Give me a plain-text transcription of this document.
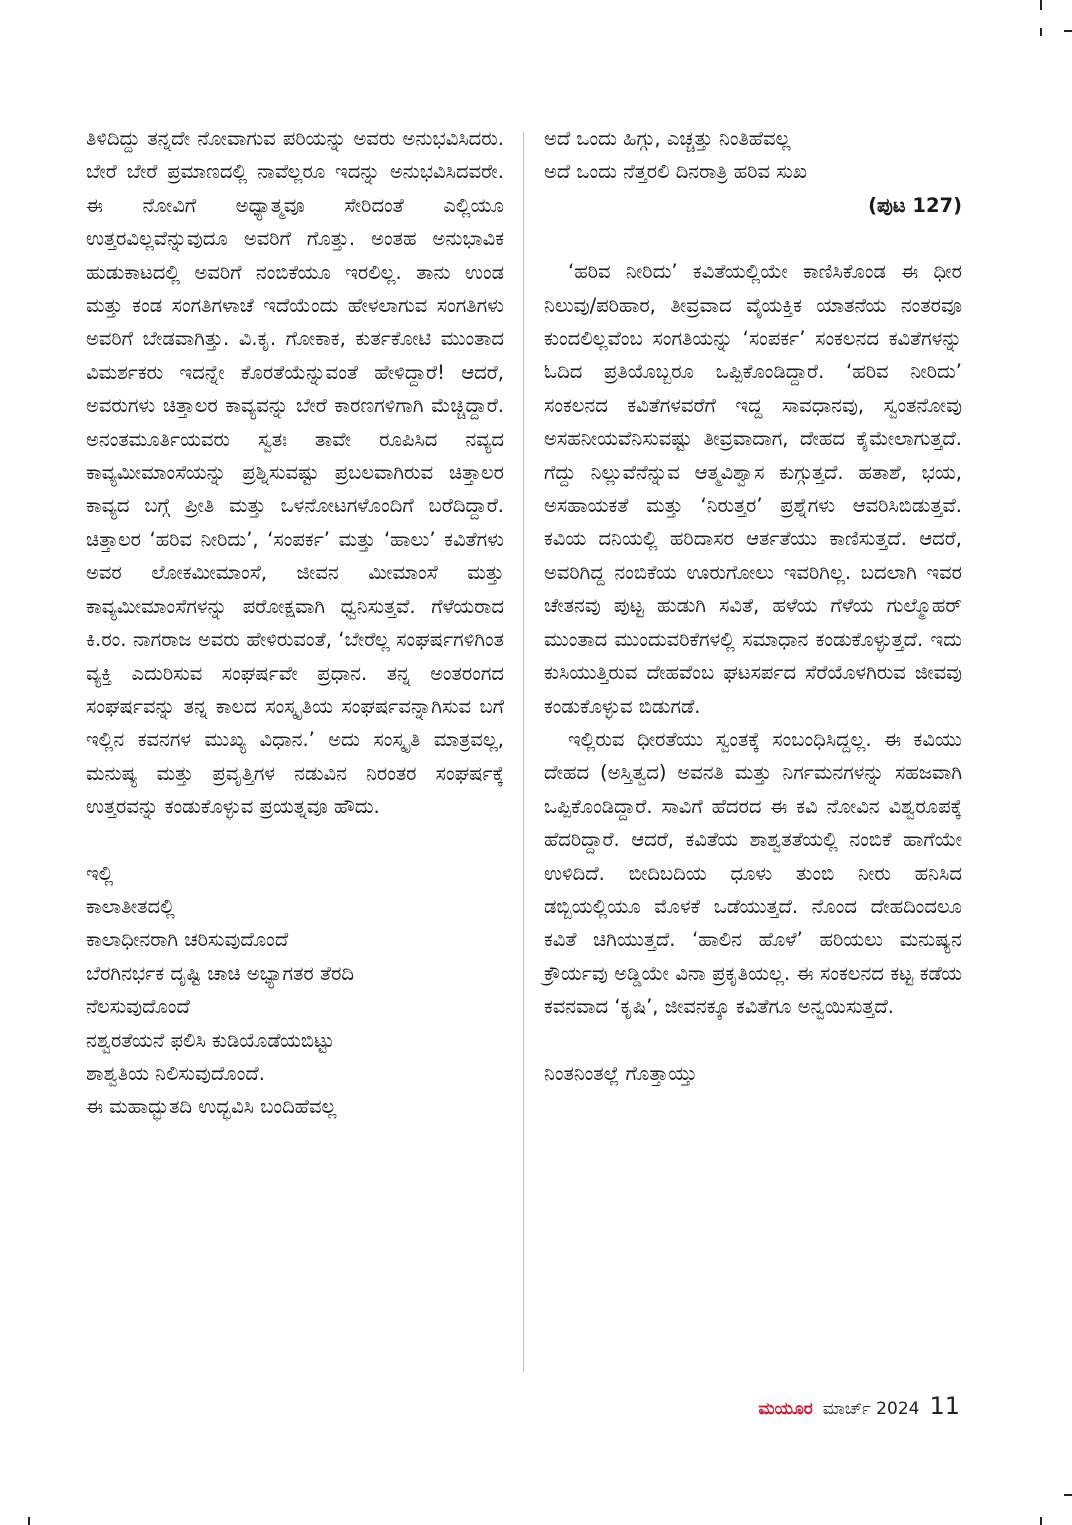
ತಿಳಿದಿದ್ದು ತನ್ನದೇ ನೋವಾಗುವ ಪರಿಯನ್ನು ಅವರು ಅನುಭವಿಸಿದರು. ಬೇರೆ ಬೇರೆ ಪ್ರಮಾಣದಲ್ಲಿ ನಾವೆಲ್ಲರೂ ಇದನ್ನು ಅನುಭವಿಸಿದವರೇ. ಈ ನೋವಿಗೆ ಅಧ್ಯಾತ್ಮವೂ ಸೇರಿದಂತೆ ಎಲ್ಲಿಯೂ ಉತ್ತರವಿಲ್ಲವೆನ್ನುವುದೂ ಅವರಿಗೆ ಗೊತ್ತು. ಅಂತಹ ಅನುಭಾವಿಕ ಹುಡುಕಾಟದಲ್ಲಿ ಅವರಿಗೆ ನಂಬಿಕೆಯೂ ಇರಲಿಲ್ಲ. ತಾನು ಉಂಡ ಮತ್ತು ಕಂಡ ಸಂಗತಿಗಳಾಚೆ ಇದೆಯೆಂದು ಹೇಳಲಾಗುವ ಸಂಗತಿಗಳು ಅವರಿಗೆ ಬೇಡವಾಗಿತ್ತು. ವಿ.ಕೃ. ಗೋಕಾಕ, ಕುರ್ತಕೋಟಿ ಮುಂತಾದ ವಿಮರ್ಶಕರು ಇದನ್ನೇ ಕೊರತೆಯೆನ್ನುವಂತೆ ಹೇಳಿದ್ದಾರೆ! ಆದರೆ, ಅವರುಗಳು ಚಿತ್ತಾಲರ ಕಾವ್ಯವನ್ನು ಬೇರೆ ಕಾರಣಗಳಿಗಾಗಿ ಮೆಚ್ಚಿದ್ದಾರೆ. ಅನಂತಮೂರ್ತಿಯವರು ಸ್ವತಃ ತಾವೇ ರೂಪಿಸಿದ ನವ್ಯದ ಕಾವ್ಯಮೀಮಾಂಸೆಯನ್ನು ಪ್ರಶ್ನಿಸುವಷ್ಟು ಪ್ರಬಲವಾಗಿರುವ ಚಿತ್ತಾಲರ ಕಾವ್ಯದ ಬಗ್ಗೆ ಪ್ರೀತಿ ಮತ್ತು ಒಳನೋಟಗಳೊಂದಿಗೆ ಬರೆದಿದ್ದಾರೆ. ಚಿತ್ತಾಲರ ‘ಹರಿವ ನೀರಿದು’, ‘ಸಂಪರ್ಕ’ ಮತ್ತು ‘ಹಾಲು’ ಕವಿತೆಗಳು ಅವರ ಲೋಕಮೀಮಾಂಸೆ, ಜೀವನ ಮೀಮಾಂಸೆ ಮತ್ತು ಕಾವ್ಯಮೀಮಾಂಸೆಗಳನ್ನು ಪರೋಕ್ಷವಾಗಿ ಧ್ವನಿಸುತ್ತವೆ. ಗೆಳೆಯರಾದ ಕಿ.ರಂ. ನಾಗರಾಜ ಅವರು ಹೇಳಿರುವಂತೆ, ‘ಬೇರೆಲ್ಲ ಸಂಘರ್ಷಗಳಿಗಿಂತ ವ್ಯಕ್ತಿ ಎದುರಿಸುವ ಸಂಘರ್ಷವೇ ಪ್ರಧಾನ. ತನ್ನ ಅಂತರಂಗದ ಸಂಘರ್ಷವನ್ನು ತನ್ನ ಕಾಲದ ಸಂಸ್ಕೃತಿಯ ಸಂಘರ್ಷವನ್ನಾಗಿಸುವ ಬಗೆ ಇಲ್ಲಿನ ಕವನಗಳ ಮುಖ್ಯ ವಿಧಾನ.’ ಅದು ಸಂಸ್ಕೃತಿ ಮಾತ್ರವಲ್ಲ, ಮನುಷ್ಯ ಮತ್ತು ಪ್ರವೃತ್ತಿಗಳ ನಡುವಿನ ನಿರಂತರ ಸಂಘರ್ಷಕ್ಕೆ ಉತ್ತರವನ್ನು ಕಂಡುಕೊಳ್ಳುವ ಪ್ರಯತ್ನವೂ ಹೌದು.

ಇಲ್ಲಿ
ಕಾಲಾತೀತದಲ್ಲಿ
ಕಾಲಾಧೀನರಾಗಿ ಚರಿಸುವುದೊಂದೆ
ಬೆರಗಿನರ್ಭಕ ದೃಷ್ಟಿ ಚಾಚಿ ಅಭ್ಯಾಗತರ ತೆರದಿ
ನೆಲಸುವುದೊಂದೆ
ನಶ್ವರತೆಯನೆ ಫಲಿಸಿ ಕುಡಿಯೊಡೆಯಬಿಟ್ಟು
ಶಾಶ್ವತಿಯ ನಿಲಿಸುವುದೊಂದೆ.
ಈ ಮಹಾದ್ಭುತದಿ ಉದ್ಭವಿಸಿ ಬಂದಿಹೆವಲ್ಲ
ಅದೆ ಒಂದು ಹಿಗ್ಗು, ಎಚ್ಚತ್ತು ನಿಂತಿಹೆವಲ್ಲ
ಅದೆ ಒಂದು ನೆತ್ತರಲಿ ದಿನರಾತ್ರಿ ಹರಿವ ಸುಖ
(ಪುಟ 127)

‘ಹರಿವ ನೀರಿದು’ ಕವಿತೆಯಲ್ಲಿಯೇ ಕಾಣಿಸಿಕೊಂಡ ಈ ಧೀರ ನಿಲುವು/ಪರಿಹಾರ, ತೀವ್ರವಾದ ವೈಯಕ್ತಿಕ ಯಾತನೆಯ ನಂತರವೂ ಕುಂದಲಿಲ್ಲವೆಂಬ ಸಂಗತಿಯನ್ನು ‘ಸಂಪರ್ಕ’ ಸಂಕಲನದ ಕವಿತೆಗಳನ್ನು ಓದಿದ ಪ್ರತಿಯೊಬ್ಬರೂ ಒಪ್ಪಿಕೊಂಡಿದ್ದಾರೆ. ‘ಹರಿವ ನೀರಿದು’ ಸಂಕಲನದ ಕವಿತೆಗಳವರೆಗೆ ಇದ್ದ ಸಾವಧಾನವು, ಸ್ವಂತನೋವು ಅಸಹನೀಯವೆನಿಸುವಷ್ಟು ತೀವ್ರವಾದಾಗ, ದೇಹದ ಕೈಮೇಲಾಗುತ್ತದೆ. ಗೆದ್ದು ನಿಲ್ಲುವೆನೆನ್ನುವ ಆತ್ಮವಿಶ್ವಾಸ ಕುಗ್ಗುತ್ತದೆ. ಹತಾಶೆ, ಭಯ, ಅಸಹಾಯಕತೆ ಮತ್ತು ‘ನಿರುತ್ತರ’ ಪ್ರಶ್ನೆಗಳು ಆವರಿಸಿಬಿಡುತ್ತವೆ. ಕವಿಯ ದನಿಯಲ್ಲಿ ಹರಿದಾಸರ ಆರ್ತತೆಯು ಕಾಣಿಸುತ್ತದೆ. ಆದರೆ, ಅವರಿಗಿದ್ದ ನಂಬಿಕೆಯ ಊರುಗೋಲು ಇವರಿಗಿಲ್ಲ. ಬದಲಾಗಿ ಇವರ ಚೇತನವು ಪುಟ್ಟ ಹುಡುಗಿ ಸವಿತೆ, ಹಳೆಯ ಗೆಳೆಯ ಗುಲ್ಮೊಹರ್ ಮುಂತಾದ ಮುಂದುವರಿಕೆಗಳಲ್ಲಿ ಸಮಾಧಾನ ಕಂಡುಕೊಳ್ಳುತ್ತದೆ. ಇದು ಕುಸಿಯುತ್ತಿರುವ ದೇಹವೆಂಬ ಘಟಸರ್ಪದ ಸೆರೆಯೊಳಗಿರುವ ಜೀವವು ಕಂಡುಕೊಳ್ಳುವ ಬಿಡುಗಡೆ.

ಇಲ್ಲಿರುವ ಧೀರತೆಯು ಸ್ವಂತಕ್ಕೆ ಸಂಬಂಧಿಸಿದ್ದಲ್ಲ. ಈ ಕವಿಯು ದೇಹದ (ಅಸ್ತಿತ್ವದ) ಅವನತಿ ಮತ್ತು ನಿರ್ಗಮನಗಳನ್ನು ಸಹಜವಾಗಿ ಒಪ್ಪಿಕೊಂಡಿದ್ದಾರೆ. ಸಾವಿಗೆ ಹೆದರದ ಈ ಕವಿ ನೋವಿನ ವಿಶ್ವರೂಪಕ್ಕೆ ಹೆದರಿದ್ದಾರೆ. ಆದರೆ, ಕವಿತೆಯ ಶಾಶ್ವತತೆಯಲ್ಲಿ ನಂಬಿಕೆ ಹಾಗೆಯೇ ಉಳಿದಿದೆ. ಬೀದಿಬದಿಯ ಧೂಳು ತುಂಬಿ ನೀರು ಹನಿಸಿದ ಡಬ್ಬಿಯಲ್ಲಿಯೂ ಮೊಳಕೆ ಒಡೆಯುತ್ತದೆ. ನೊಂದ ದೇಹದಿಂದಲೂ ಕವಿತೆ ಚಿಗಿಯುತ್ತದೆ. ‘ಹಾಲಿನ ಹೊಳೆ’ ಹರಿಯಲು ಮನುಷ್ಯನ ಕ್ರೌರ್ಯವು ಅಡ್ಡಿಯೇ ವಿನಾ ಪ್ರಕೃತಿಯಲ್ಲ. ಈ ಸಂಕಲನದ ಕಟ್ಟ ಕಡೆಯ ಕವನವಾದ ‘ಕೃಷಿ’, ಜೀವನಕ್ಕೂ ಕವಿತೆಗೂ ಅನ್ವಯಿಸುತ್ತದೆ.

ನಿಂತನಿಂತಲ್ಲೆ ಗೊತ್ತಾಯ್ತು
ಮಯೂರ ಮಾರ್ಚ್ 2024 11
